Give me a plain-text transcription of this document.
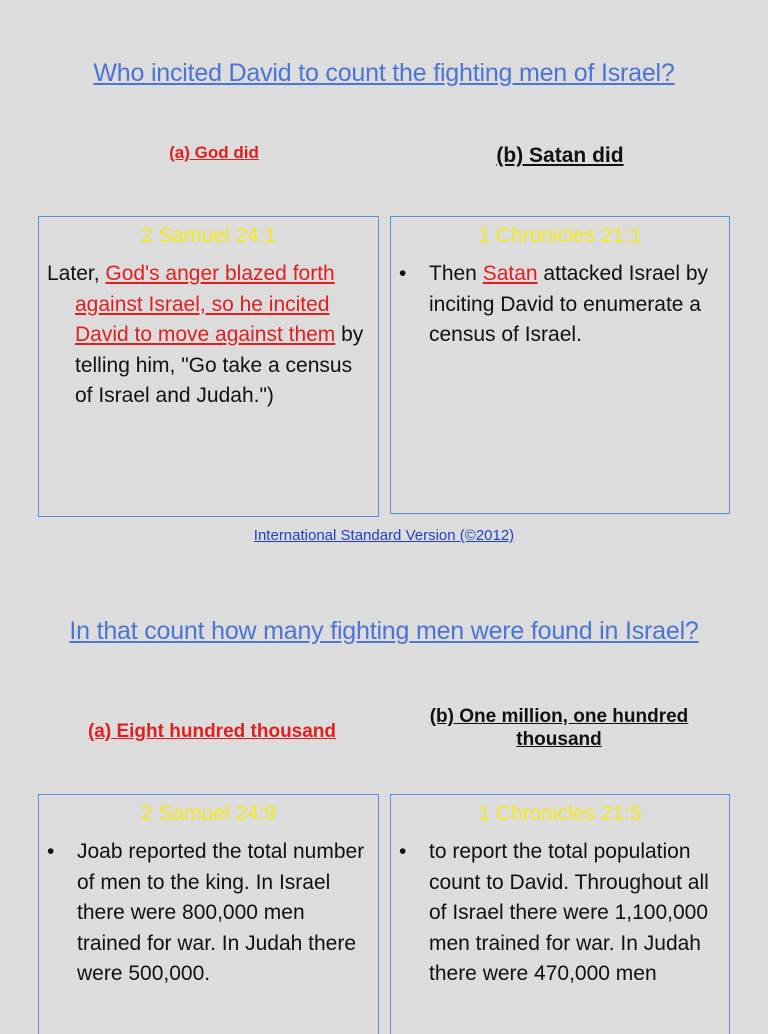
Who incited David to count the fighting men of Israel?
(a) God did	(b) Satan did
2 Samuel 24:1
Later, God's anger blazed forth against Israel, so he incited David to move against them by telling him, "Go take a census of Israel and Judah.")
1 Chronicles 21:1
•	Then Satan attacked Israel by inciting David to enumerate a census of Israel.
International Standard Version (©2012)
In that count how many fighting men were found in Israel?
(a) Eight hundred thousand
(b) One million, one hundred thousand
2 Samuel 24:9
•	Joab reported the total number of men to the king. In Israel there were 800,000 men trained for war. In Judah there were 500,000.
1 Chronicles 21:5
•	to report the total population count to David. Throughout all of Israel there were 1,100,000 men trained for war. In Judah there were 470,000 men
